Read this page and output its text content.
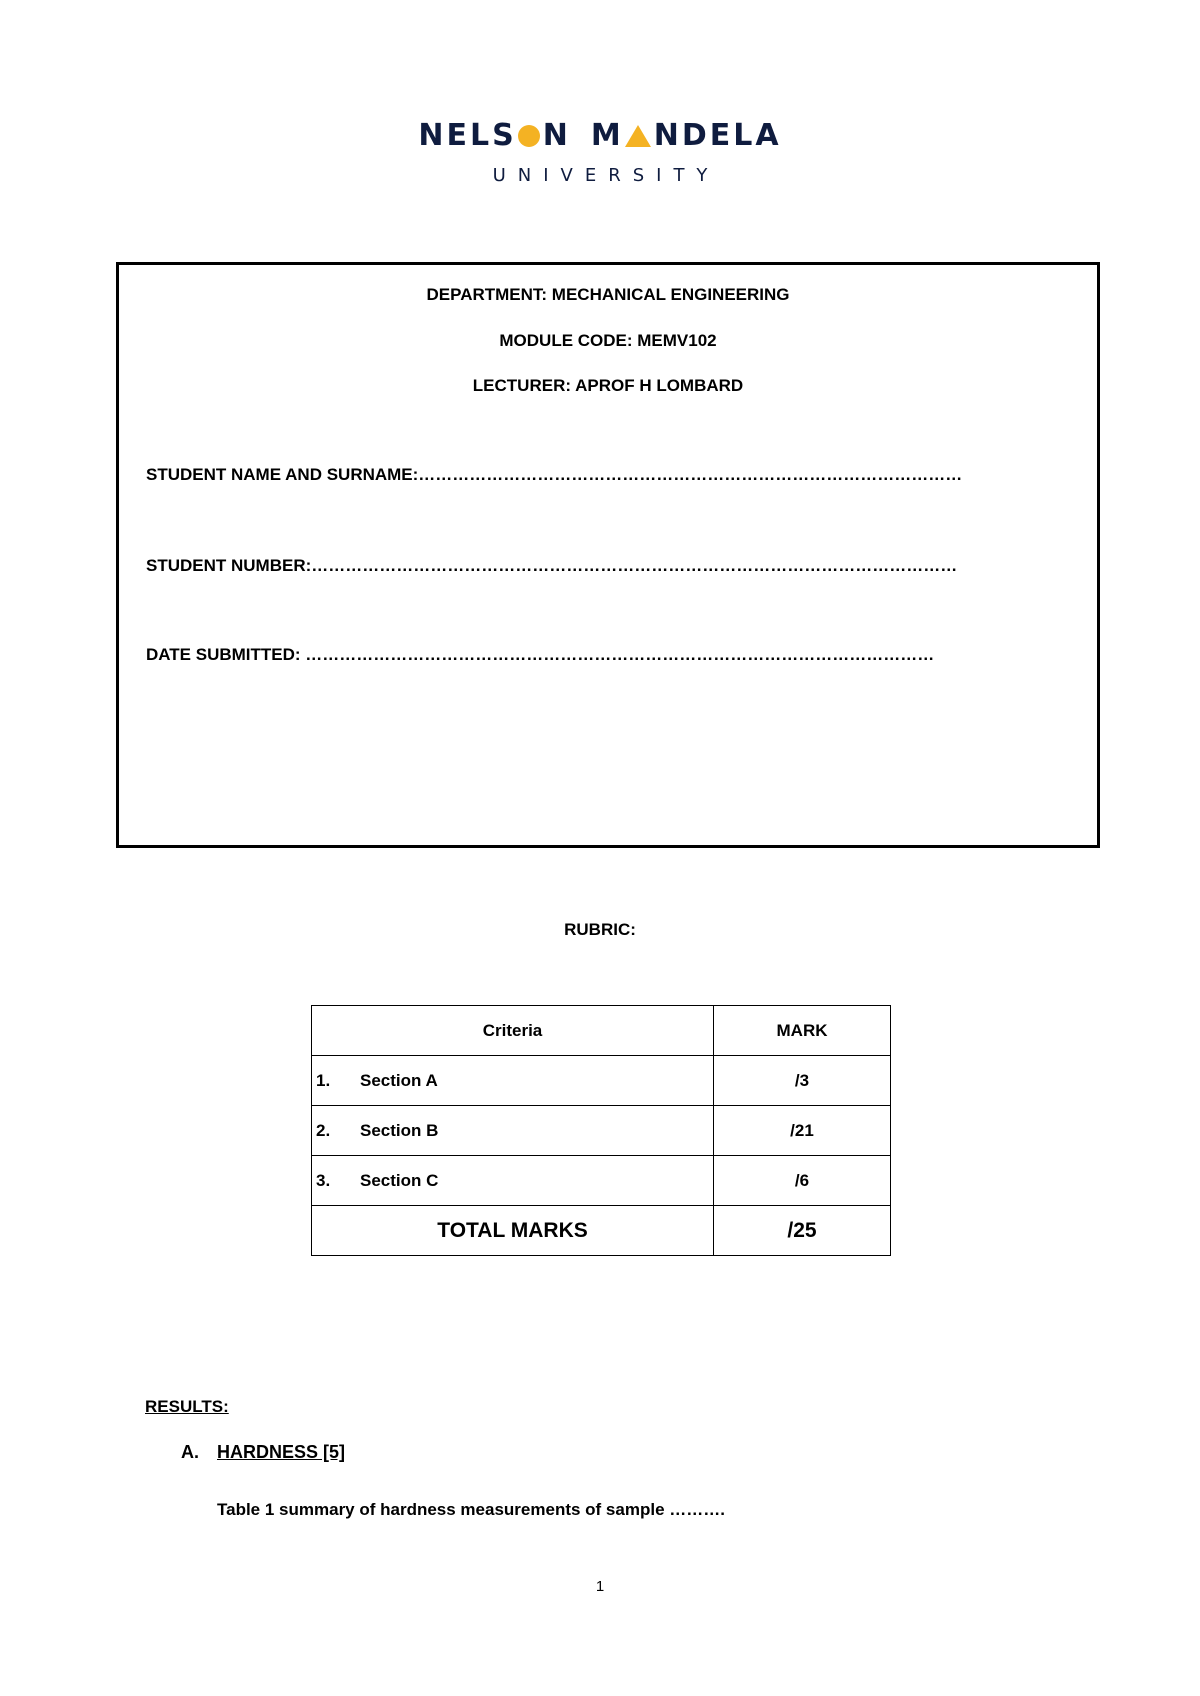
NELS N M NDELA
UNIVERSITY
DEPARTMENT: MECHANICAL ENGINEERING
MODULE CODE: MEMV102
LECTURER: APROF H LOMBARD
STUDENT NAME AND SURNAME:……………………………………………………………………………………
STUDENT NUMBER:……………………………………………………………………………………………………
DATE SUBMITTED: …………………………………………………………………………………………………
RUBRIC:
Criteria	MARK
1. Section A	/3
2. Section B	/21
3. Section C	/6
TOTAL MARKS	/25
RESULTS:
A. HARDNESS [5]
Table 1 summary of hardness measurements of sample ……….
1
